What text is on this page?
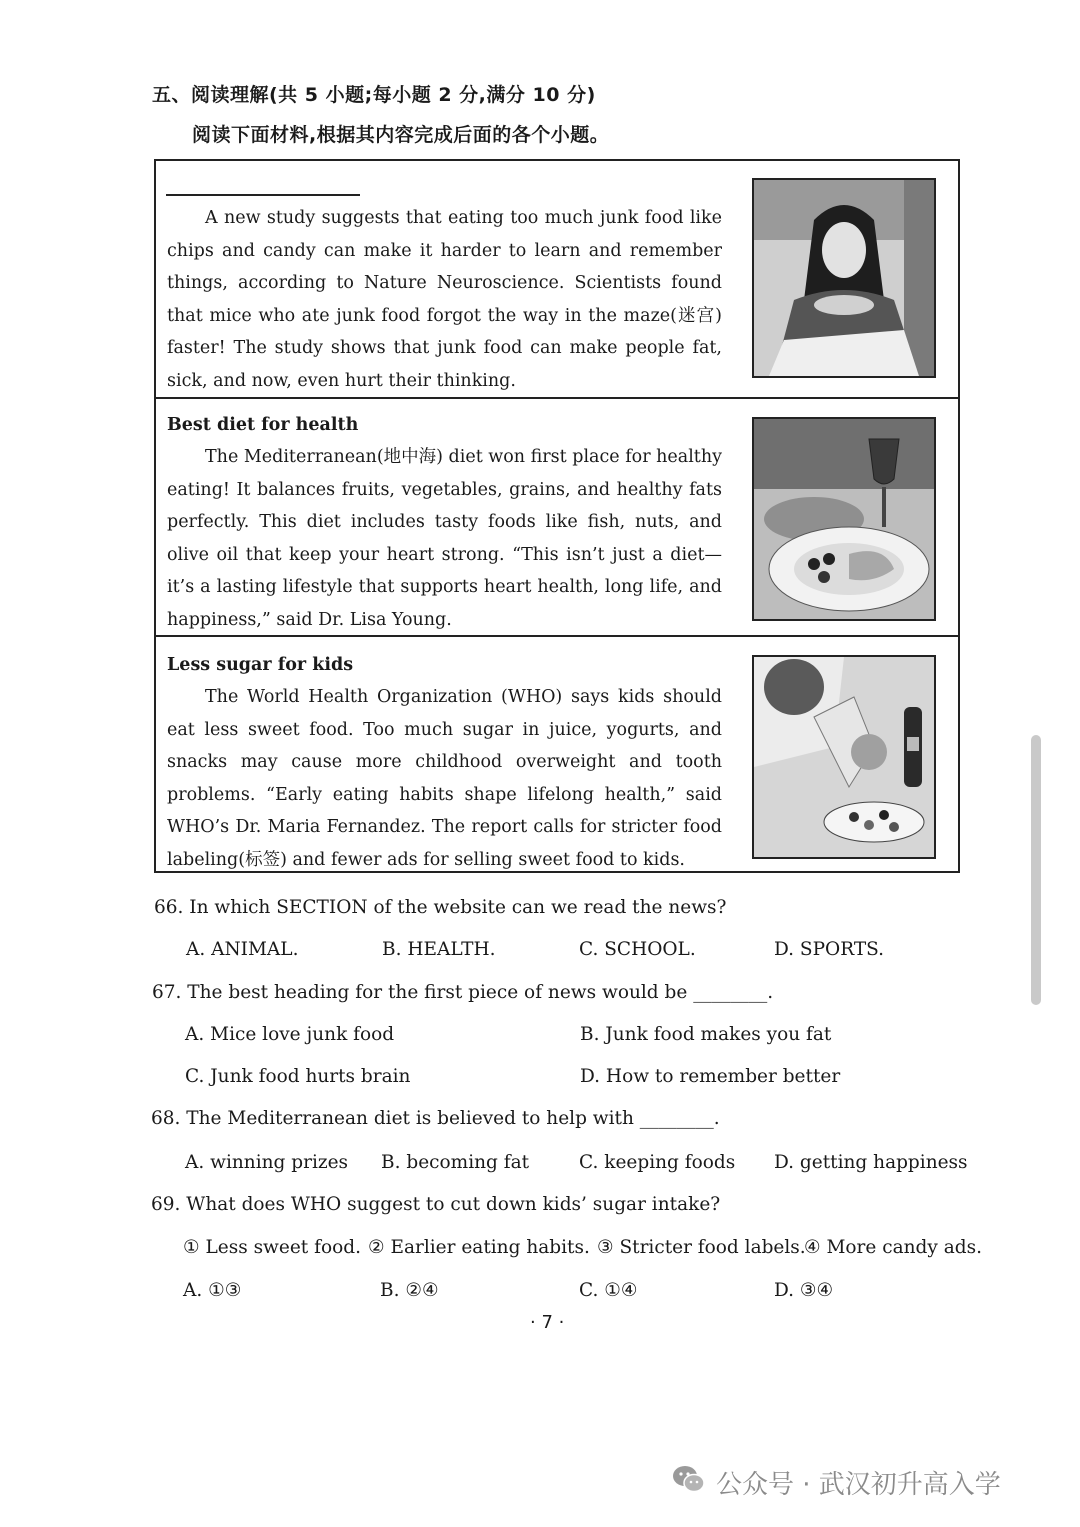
五、阅读理解(共 5 小题;每小题 2 分,满分 10 分)
阅读下面材料,根据其内容完成后面的各个小题。

A new study suggests that eating too much junk food like chips and candy can make it harder to learn and remember things, according to Nature Neuroscience. Scientists found that mice who ate junk food forgot the way in the maze(迷宫) faster! The study shows that junk food can make people fat, sick, and now, even hurt their thinking.

Best diet for health

The Mediterranean(地中海) diet won first place for healthy eating! It balances fruits, vegetables, grains, and healthy fats perfectly. This diet includes tasty foods like fish, nuts, and olive oil that keep your heart strong. “This isn’t just a diet—it’s a lasting lifestyle that supports heart health, long life, and happiness,” said Dr. Lisa Young.

Less sugar for kids

The World Health Organization (WHO) says kids should eat less sweet food. Too much sugar in juice, yogurts, and snacks may cause more childhood overweight and tooth problems. “Early eating habits shape lifelong health,” said WHO’s Dr. Maria Fernandez. The report calls for stricter food labeling(标签) and fewer ads for selling sweet food to kids.

66. In which SECTION of the website can we read the news?
A. ANIMAL.	B. HEALTH.	C. SCHOOL.	D. SPORTS.
67. The best heading for the first piece of news would be ________.
A. Mice love junk food	B. Junk food makes you fat
C. Junk food hurts brain	D. How to remember better
68. The Mediterranean diet is believed to help with ________.
A. winning prizes B. becoming fat	C. keeping foods D. getting happiness
69. What does WHO suggest to cut down kids’ sugar intake?
① Less sweet food. ② Earlier eating habits. ③ Stricter food labels.
④ More candy ads.
A. ①③	B. ②④	C. ①④	D. ③④
· 7 ·
公众号 · 武汉初升高入学
